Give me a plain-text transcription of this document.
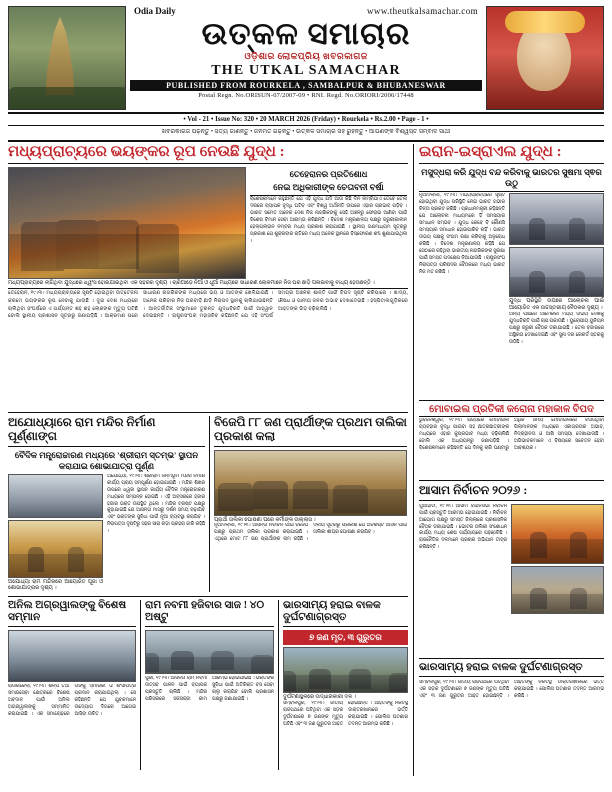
Odia Daily	www.theutkalsamachar.com
ଉତ୍କଳ ସମାଚାର
ଓଡ଼ିଶାର ଲୋକପ୍ରିୟ ଖବରକାଗଜ
THE UTKAL SAMACHAR
PUBLISHED FROM ROURKELA , SAMBALPUR & BHUBANESWAR
Postal Regn. No.ORISUN-07/2007-09 • RNI. Regd. No.ORIORI/2006/17448
• Vol - 21 • Issue No: 320 • 20 MARCH 2026 (Friday) • Rourkela • Rs.2.00 • Page - 1 •
ଖବରକାଗଜ ପଢ଼ନ୍ତୁ • ସତ୍ୟ ଜାଣନ୍ତୁ • ଜନମତ ଗଢ଼ନ୍ତୁ • ଉତ୍କଳ ସମାଚାର ସହ ରୁହନ୍ତୁ • ଆପଣଙ୍କ ବିଶ୍ୱସ୍ତ ସମ୍ବାଦ ସାଥୀ
ମଧ୍ୟପ୍ରାଚ୍ୟରେ ଭୟଙ୍କର ରୂପ ନେଉଛି ଯୁଦ୍ଧ :
ତେହେରାନର ପ୍ରତିଶୋଧ
ନେଇ ଅଧିକାରୀଙ୍କ ଚେତାବନୀ ବର୍ଷା
ବିଶେଷଜ୍ଞମାନେ କହୁଛନ୍ତି ଯେ ଏହି ଯୁଦ୍ଧ ଯଦି ଆଉ କିଛି ଦିନ ଲମ୍ବିଯାଏ ତେବେ ତେଲ ଦରରେ ବ୍ୟାପକ ବୃଦ୍ଧି ଘଟିବ ଏବଂ ବିଶ୍ୱ ଅର୍ଥନୀତି ଉପରେ ଏହାର ପ୍ରଭାବ ପଡ଼ିବ । ଭାରତ ସମେତ ଅନେକ ଦେଶ ନିଜ ନାଗରିକଙ୍କୁ ସେହି ଅଞ୍ଚଳରୁ ଫେରାଇ ଆଣିବା ପାଇଁ ବିଶେଷ ବିମାନ ସେବା ଆରମ୍ଭ କରିଛନ୍ତି । ବିଦେଶ ମନ୍ତ୍ରଣାଳୟ ପକ୍ଷରୁ ଜରୁରୀକାଳୀନ ହେଲ୍ପଲାଇନ ନମ୍ବର ମଧ୍ୟ ପ୍ରକାଶ କରାଯାଇଛି । ସ୍ଥାନୀୟ ଗଣମାଧ୍ୟମ ସୂତ୍ରରୁ ପ୍ରକାଶ ଯେ ଶୁକ୍ରବାର ରାତିରେ ମଧ୍ୟ ଅନେକ ସ୍ଥାନରେ ବିସ୍ଫୋରଣ ଶବ୍ଦ ଶୁଣାଯାଇଥିଲା ।
ମଧ୍ୟପ୍ରାଚ୍ୟରେ ଲାଗିଥିବା ଯୁଦ୍ଧରେ ଧ୍ୱଂସ ହୋଇଯାଇଥିବା ଏକ ସହରର ଦୃଶ୍ୟ । ଚାରିଆଡ଼େ ନିଆଁ ଓ ଧୂଆଁ ମଧ୍ୟରେ ସାଧାରଣ ଲୋକମାନେ ନିଜ ଘର ଛାଡ଼ି ପଳାଇବାକୁ ବାଧ୍ୟ ହେଉଛନ୍ତି ।
ତେହେରାନ, ୧୯।୩। ମଧ୍ୟପ୍ରାଚ୍ୟରେ ସୃଷ୍ଟି ହୋଇଥିବା ଉତ୍ତେଜନା କ୍ରମେ ଭୟଙ୍କର ରୂପ ନେବାକୁ ଯାଉଛି । ଦୁଇ ଦେଶ ମଧ୍ୟରେ ଚାଲିଥିବା ସଂଘର୍ଷରେ ଏ ପର୍ଯ୍ୟନ୍ତ ଶହ ଶହ ଲୋକଙ୍କ ମୃତ୍ୟୁ ଘଟିଛି ବୋଲି ସ୍ଥାନୀୟ ପ୍ରଶାସନ ସୂତ୍ରରୁ ଜଣାପଡ଼ିଛି । ଆକ୍ରମଣ ପରେ ସାଧାରଣ ନାଗରିକଙ୍କ ମଧ୍ୟରେ ଭୟ ଓ ଆତଙ୍କ ଖେଳିଯାଇଛି । ଅନେକ ପରିବାର ନିଜ ଘରବାଡ଼ି ଛାଡ଼ି ନିରାପଦ ସ୍ଥାନକୁ ଚାଲିଯାଇଛନ୍ତି । ଆନ୍ତର୍ଜାତିକ ସଂସ୍ଥାମାନେ ତୁରନ୍ତ ଯୁଦ୍ଧବିରତି ପାଇଁ ଆହ୍ୱାନ ଦେଇଛନ୍ତି । ରାଷ୍ଟ୍ରସଂଘର ମହାସଚିବ କହିଛନ୍ତି ଯେ ଏହି ସଂଘର୍ଷ ସମଗ୍ର ଅଞ୍ଚଳର ଶାନ୍ତି ପାଇଁ ବିପଦ ସୃଷ୍ଟି କରିପାରେ । ଖାଦ୍ୟ, ଔଷଧ ଓ ପାନୀୟ ଜଳର ଅଭାବ ଦେଖାଦେଇଛି । ହସ୍ପିଟାଲଗୁଡ଼ିକରେ ଆହତଙ୍କ ଭିଡ଼ ବଢ଼ିଚାଲିଛି ।
ଅଯୋଧ୍ୟାରେ ରାମ ମନ୍ଦିର ନିର୍ମାଣ ପୂର୍ଣ୍ଣାଙ୍ଗ
ବୈଦିକ ମନ୍ତ୍ରୋଚ୍ଚାରଣ ମଧ୍ୟରେ 'ଶ୍ରୀରାମ ସ୍ତମ୍ଭ' ସ୍ଥାପନ କରାଯାଇ ଶୋଭାଯାତ୍ରା ପୂର୍ଣ୍ଣ
ଅଯୋଧ୍ୟା ରାମ ମନ୍ଦିରରେ ଆୟୋଜିତ ପୂଜା ଓ ଶୋଭାଯାତ୍ରାର ଦୃଶ୍ୟ ।
ଅଯୋଧ୍ୟା, ୧୯।୩। ଶ୍ରୀରାମ ଜନ୍ମଭୂମି ମନ୍ଦିର ନିର୍ମାଣ କାର୍ଯ୍ୟ ପ୍ରାୟ ସମ୍ପୂର୍ଣ୍ଣ ହୋଇଯାଇଛି । ମନ୍ଦିର ଶିଖର ଉପରେ ଧ୍ୱଜା ସ୍ଥାପନ କାର୍ଯ୍ୟ ବୈଦିକ ମନ୍ତ୍ରୋଚ୍ଚାରଣ ମଧ୍ୟରେ ସମ୍ପନ୍ନ ହୋଇଛି । ଏହି ଅବସରରେ ହଜାର ହଜାର ଭକ୍ତ ଉପସ୍ଥିତ ଥିଲେ । ମନ୍ଦିର ଟ୍ରଷ୍ଟ ପକ୍ଷରୁ କୁହାଯାଇଛି ଯେ ଆସନ୍ତା ମାସରୁ ଦର୍ଶନ ସମୟ ବଢ଼ାଯିବ ଏବଂ ଭକ୍ତଙ୍କ ସୁବିଧା ପାଇଁ ନୂଆ ବ୍ୟବସ୍ଥା କରାଯିବ । ନିରାପତ୍ତା ଦୃଷ୍ଟିରୁ ସହର ସାରା କଡ଼ା ପ୍ରହରା ଜାରି ରହିଛି ।
ବିଜେପି ୮୮ ଜଣ ପ୍ରାର୍ଥୀଙ୍କ ପ୍ରଥମ ତାଲିକା ପ୍ରକାଶ କଲା
ପ୍ରାର୍ଥୀ ତାଲିକା ଘୋଷଣା ପରେ କର୍ମୀଙ୍କ ଉଲ୍ଲାସ ।
ନୂଆଦିଲ୍ଲୀ, ୧୯।୩। ଆସନ୍ତା ନିର୍ବାଚନ ପାଇଁ ବିଜେପି ପକ୍ଷରୁ ପ୍ରଥମ ତାଲିକା ପ୍ରକାଶ କରାଯାଇଛି । ଏଥିରେ ମୋଟ ୮୮ ଜଣ ପ୍ରାର୍ଥୀଙ୍କ ନାମ ରହିଛି । ଦଳୀୟ ସୂତ୍ରରୁ ପ୍ରକାଶ ଯେ ଅବଶିଷ୍ଟ ଆସନ ପାଇଁ ତାଲିକା ଶୀଘ୍ର ଘୋଷଣା କରାଯିବ ।
ଅନିଲ ଅଗ୍ରୱାଲଙ୍କୁ ବିଶେଷ ସମ୍ମାନ
ରାଉରକେଲା, ୧୯।୩। ଶିଳ୍ପ ତଥା ସମାଜସେବା କ୍ଷେତ୍ରରେ ବିଶେଷ ଅବଦାନ ପାଇଁ ଅନିଲ ଅଗ୍ରୱାଲଙ୍କୁ ସମ୍ମାନିତ କରାଯାଇଛି । ଏକ ସମାରୋହରେ ତାଙ୍କୁ ସ୍ମାରକୀ ଓ ଶଂସାପତ୍ର ପ୍ରଦାନ କରାଯାଇଥିଲା । ସେ କହିଛନ୍ତି ଯେ ଯୁବକମାନେ ଉଦ୍ୟୋଗ ଦିଗରେ ଆଗେଇ ଆସିବା ଉଚିତ ।
ରାମ ନବମୀ ହଜିବାର ସାଜ ! ୪୦ ଅଷ୍ଟୁ
ପୁରୀ, ୧୯।୩। ଆସନ୍ତା ରାମ ନବମୀ ଉତ୍ସବ ପାଳନ ପାଇଁ ବ୍ୟାପକ ପ୍ରସ୍ତୁତି ଚାଲିଛି । ମନ୍ଦିର ପରିସରରେ ସଜସଜ୍ଜା କାମ ଆରମ୍ଭ ହୋଇଯାଇଛି । ଭକ୍ତଙ୍କ ସୁବିଧା ପାଇଁ ଅତିରିକ୍ତ ବସ ସେବା ଚାଲୁ କରାଯିବ ବୋଲି ପ୍ରଶାସନ ପକ୍ଷରୁ ଜଣାଯାଇଛି ।
ଭାରସାମ୍ୟ ହରାଇ ବାଳକ ଦୁର୍ଘଟଣାଗ୍ରସ୍ତ
୭ ଜଣ ମୃତ, ୩ ଗୁରୁତର
ଦୁର୍ଘଟଣାସ୍ଥଳରେ ଉଦ୍ଧାରକାରୀ ଦଳ ।
ସମ୍ବଲପୁର, ୧୯।୩। ଜାତୀୟ ରାଜପଥରେ ଘଟିଥିବା ଏକ ସଡ଼କ ଦୁର୍ଘଟଣାରେ ୭ ଜଣଙ୍କ ମୃତ୍ୟୁ ଘଟିଛି ଏବଂ ୩ ଜଣ ଗୁରୁତର ଆହତ ହୋଇଛନ୍ତି । ଆହତଙ୍କୁ ନିକଟସ୍ଥ ଡାକ୍ତରଖାନାରେ ଭର୍ତ୍ତି କରାଯାଇଛି । ପୋଲିସ ଘଟଣାର ତଦନ୍ତ ଆରମ୍ଭ କରିଛି ।
ଇରାନ-ଇସ୍ରାଏଲ ଯୁଦ୍ଧ :
ମସୁଦ୍ଧରା କରି ଯୁଦ୍ଧ ବନ୍ଦ କରିବାକୁ ଭାରତର ସୁଷମା ସ୍ଵର ଉଠୁ
ନୂଆଦିଲ୍ଲୀ, ୧୯।୩। ମଧ୍ୟପ୍ରାଚ୍ୟରେ ସୃଷ୍ଟି ହୋଇଥିବା ଯୁଦ୍ଧ ପରିସ୍ଥିତି ନେଇ ଭାରତ ଗଭୀର ଚିନ୍ତା ପ୍ରକଟ କରିଛି । ପ୍ରଧାନମନ୍ତ୍ରୀ କହିଛନ୍ତି ଯେ ଆଲୋଚନା ମାଧ୍ୟମରେ ହିଁ ସମସ୍ୟାର ସମାଧାନ ସମ୍ଭବ । ଯୁଦ୍ଧ କେବେ ବି କୌଣସି ସମସ୍ୟାର ସମାଧାନ ହୋଇପାରିବ ନାହିଁ । ଭାରତ ଉଭୟ ପକ୍ଷକୁ ସଂଯମ ରକ୍ଷା କରିବାକୁ ଅନୁରୋଧ କରିଛି । ବିଦେଶ ମନ୍ତ୍ରଣାଳୟ କହିଛି ଯେ ସେଠାରେ ରହିଥିବା ଭାରତୀୟ ନାଗରିକଙ୍କ ସୁରକ୍ଷା ପାଇଁ ସମସ୍ତ ପଦକ୍ଷେପ ନିଆଯାଉଛି । ରାଷ୍ଟ୍ରସଂଘ ନିରାପତ୍ତା ପରିଷଦର ବୈଠକରେ ମଧ୍ୟ ଭାରତ ନିଜ ମତ ରଖିଛି ।
ଯୁଦ୍ଧ ପରିସ୍ଥିତି ଉପରେ ଆଲୋଚନା ପାଇଁ ଆୟୋଜିତ ଏକ ଉଚ୍ଚସ୍ତରୀୟ ବୈଠକର ଦୃଶ୍ୟ ।
ଅନ୍ୟ ପକ୍ଷରେ ଆମେରିକା ମଧ୍ୟ ଉଭୟ ଦେଶକୁ ଯୁଦ୍ଧବିରତି ପାଇଁ ଚାପ ପକାଉଛି । ୟୁରୋପୀୟ ୟୁନିୟନ ପକ୍ଷରୁ ଜରୁରୀ ବୈଠକ ଡକାଯାଇଛି । ତେଲ ବଜାରରେ ଅସ୍ଥିରତା ଦେଖାଦେଇଛି ଏବଂ ସୁନା ଦର ରେକର୍ଡ ସ୍ତରକୁ ଉଠିଛି ।
ମୋବାଇଲ ପ୍ରତିକୀ କରୋନା ମହାକାଳ ବିପଦ
ଭୁବନେଶ୍ୱର, ୧୯।୩। ରାଜ୍ୟରେ ମୋବାଇଲ ବ୍ୟବହାର ବୃଦ୍ଧି ପାଇବା ସହ ଛାତ୍ରଛାତ୍ରୀଙ୍କ ମଧ୍ୟରେ ଏହାର କୁପ୍ରଭାବ ମଧ୍ୟ ବଢ଼ିଚାଲିଛି ବୋଲି ଏକ ଅଧ୍ୟୟନରୁ ଜଣାପଡ଼ିଛି । ବିଶେଷଜ୍ଞମାନେ କହିଛନ୍ତି ଯେ ଦିନକୁ ଚାରି ଘଣ୍ଟାରୁ ଅଧିକ ସମୟ ମୋବାଇଲରେ ବିତାଉଥିବା ପିଲାମାନଙ୍କ ମଧ୍ୟରେ ଏକାଗ୍ରତାର ଅଭାବ, ନିଦ୍ରାହୀନତା ଓ ଆଖି ସମସ୍ୟା ଦେଖାଯାଉଛି । ଅଭିଭାବକମାନେ ଏ ବିଷୟରେ ସଚେତନ ହେବା ଆବଶ୍ୟକ ।
ଆସାମ ନିର୍ବାଚନ ୨୦୨୬ :
ଗୁଆହାଟୀ, ୧୯।୩। ଆସାମ ବିଧାନସଭା ନିର୍ବାଚନ ପାଇଁ ପ୍ରସ୍ତୁତି ଆରମ୍ଭ ହୋଇଯାଇଛି । ନିର୍ବାଚନ ଆୟୋଗ ପକ୍ଷରୁ ସମସ୍ତ ଜିଲ୍ଲାରେ ପ୍ରଶାସନିକ ବୈଠକ ଡକାଯାଇଛି । ଭୋଟର ତାଲିକା ସଂଶୋଧନ କାର୍ଯ୍ୟ ମଧ୍ୟ ଶେଷ ପର୍ଯ୍ୟାୟରେ ପହଞ୍ôଚିଛି । ରାଜନୈତିକ ଦଳମାନେ ପ୍ରଚାର ଅଭିଯାନ ତୀବ୍ର କରିଛନ୍ତି ।
ଭାରସାମ୍ୟ ହରାଇ ବାଳକ ଦୁର୍ଘଟଣାଗ୍ରସ୍ତ
ସମ୍ବଲପୁର, ୧୯।୩। ଜାତୀୟ ରାଜପଥରେ ଘଟିଥିବା ଏକ ସଡ଼କ ଦୁର୍ଘଟଣାରେ ୭ ଜଣଙ୍କ ମୃତ୍ୟୁ ଘଟିଛି ଏବଂ ୩ ଜଣ ଗୁରୁତର ଆହତ ହୋଇଛନ୍ତି । ଆହତଙ୍କୁ ନିକଟସ୍ଥ ଡାକ୍ତରଖାନାରେ ଭର୍ତ୍ତି କରାଯାଇଛି । ପୋଲିସ ଘଟଣାର ତଦନ୍ତ ଆରମ୍ଭ କରିଛି ।
